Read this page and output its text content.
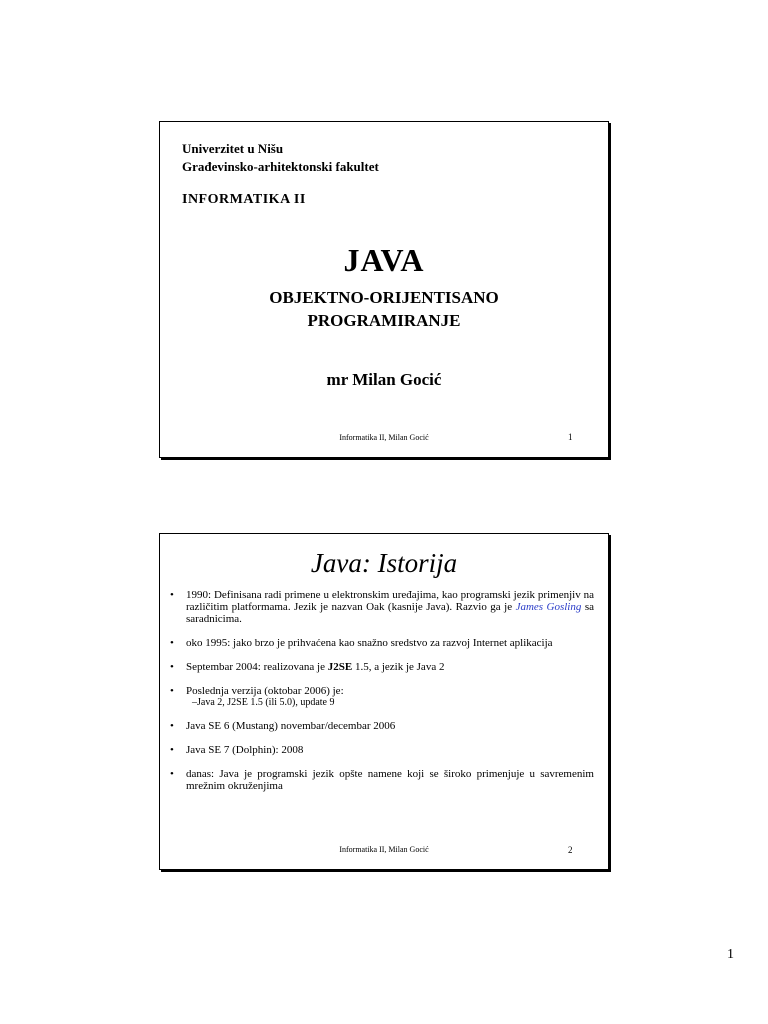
Univerzitet u Nišu
Građevinsko-arhitektonski fakultet
INFORMATIKA II
JAVA
OBJEKTNO-ORIJENTISANO
PROGRAMIRANJE
mr Milan Gocić
Informatika II, Milan Gocić	1
Java: Istorija
• 1990: Definisana radi primene u elektronskim uređajima, kao programski jezik primenjiv na različitim platformama. Jezik je nazvan Oak (kasnije Java). Razvio ga je James Gosling sa saradnicima.
• oko 1995: jako brzo je prihvaćena kao snažno sredstvo za razvoj Internet aplikacija
• Septembar 2004: realizovana je J2SE 1.5, a jezik je Java 2
• Poslednja verzija (oktobar 2006) je:
–Java 2, J2SE 1.5 (ili 5.0), update 9
• Java SE 6 (Mustang) novembar/decembar 2006
• Java SE 7 (Dolphin): 2008
• danas: Java je programski jezik opšte namene koji se široko primenjuje u savremenim mrežnim okruženjima
Informatika II, Milan Gocić	2
1
